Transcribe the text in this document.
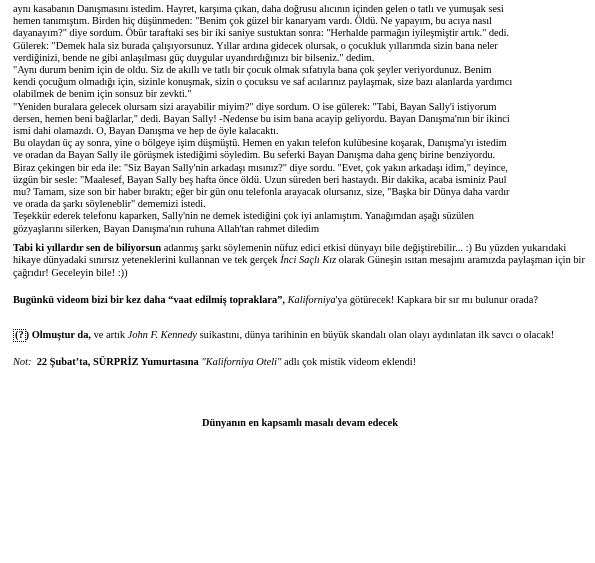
aynı kasabanın Danışmasını istedim. Hayret, karşıma çıkan, daha doğrusu alıcının içinden gelen o tatlı ve yumuşak sesi

hemen tanımıştım. Birden hiç düşünmeden: "Benim çok güzel bir kanaryam vardı. Öldü. Ne yapayım, bu acıya nasıl

dayanayım?" diye sordum. Öbür taraftaki ses bir iki saniye sustuktan sonra: "Herhalde parmağın iyileşmiştir artık." dedi.

Gülerek: "Demek hala siz burada çalışıyorsunuz. Yıllar ardına gidecek olursak, o çocukluk yıllarımda sizin bana neler

verdiğinizi, bende ne gibi anlaşılması güç duygular uyandırdığınızı bir bilseniz." dedim.

"Aynı durum benim için de oldu. Siz de akıllı ve tatlı bir çocuk olmak sıfatıyla bana çok şeyler veriyordunuz. Benim

kendi çocuğum olmadığı için, sizinle konuşmak, sizin o çocuksu ve saf acılarınız paylaşmak, size bazı alanlarda yardımcı

olabilmek de benim için sonsuz bir zevkti."

"Yeniden buralara gelecek olursam sizi arayabilir miyim?" diye sordum. O ise gülerek: "Tabi, Bayan Sally'i istiyorum

dersen, hemen beni bağlarlar," dedi. Bayan Sally! -Nedense bu isim bana acayip geliyordu. Bayan Danışma'nın bir ikinci

ismi dahi olamazdı. O, Bayan Danışma ve hep de öyle kalacaktı.

Bu olaydan üç ay sonra, yine o bölgeye işim düşmüştü. Hemen en yakın telefon kulübesine koşarak, Danışma'yı istedim

ve oradan da Bayan Sally ile görüşmek istediğimi söyledim. Bu seferki Bayan Danışma daha genç birine benziyordu.

Biraz çekingen bir eda ile: "Siz Bayan Sally'nin arkadaşı mısınız?" diye sordu. "Evet, çok yakın arkadaşı idim," deyince,

üzgün bir sesle: "Maalesef, Bayan Sally beş hafta önce öldü. Uzun süreden beri hastaydı. Bir dakika, acaba isminiz Paul

mu? Tamam, size son bir haber bıraktı; eğer bir gün onu telefonla arayacak olursanız, size, "Başka bir Dünya daha vardır

ve orada da şarkı söyleneblir" dememizi istedi.

Teşekkür ederek telefonu kaparken, Sally'nin ne demek istediğini çok iyi anlamıştım. Yanağımdan aşağı süzülen

gözyaşlarını silerken, Bayan Danışma'nın ruhuna Allah'tan rahmet diledim

Tabi ki yıllardır sen de biliyorsun adanmış şarkı söylemenin nüfuz edici etkisi dünyayı bile değiştirebilir... :) Bu yüzden yukarıdaki hikaye dünyadaki sınırsız yeteneklerini kullannan ve tek gerçek İnci Saçlı Kız olarak Güneşin ısıtan mesajını aramızda paylaşman için bir çağrıdır! Geceleyin bile! :))

Bugünkü videom bizi bir kez daha “vaat edilmiş topraklara”, Kaliforniya'ya götürecek! Kapkara bir sır mı bulunur orada?

(? ) Olmuştur da, ve artık John F. Kennedy suikastını, dünya tarihinin en büyük skandalı olan olayı aydınlatan ilk savcı o olacak!

Not: 22 Şubat’ta, SÜRPRİZ Yumurtasına "Kaliforniya Oteli" adlı çok mistik videom eklendi!

Dünyanın en kapsamlı masalı devam edecek
